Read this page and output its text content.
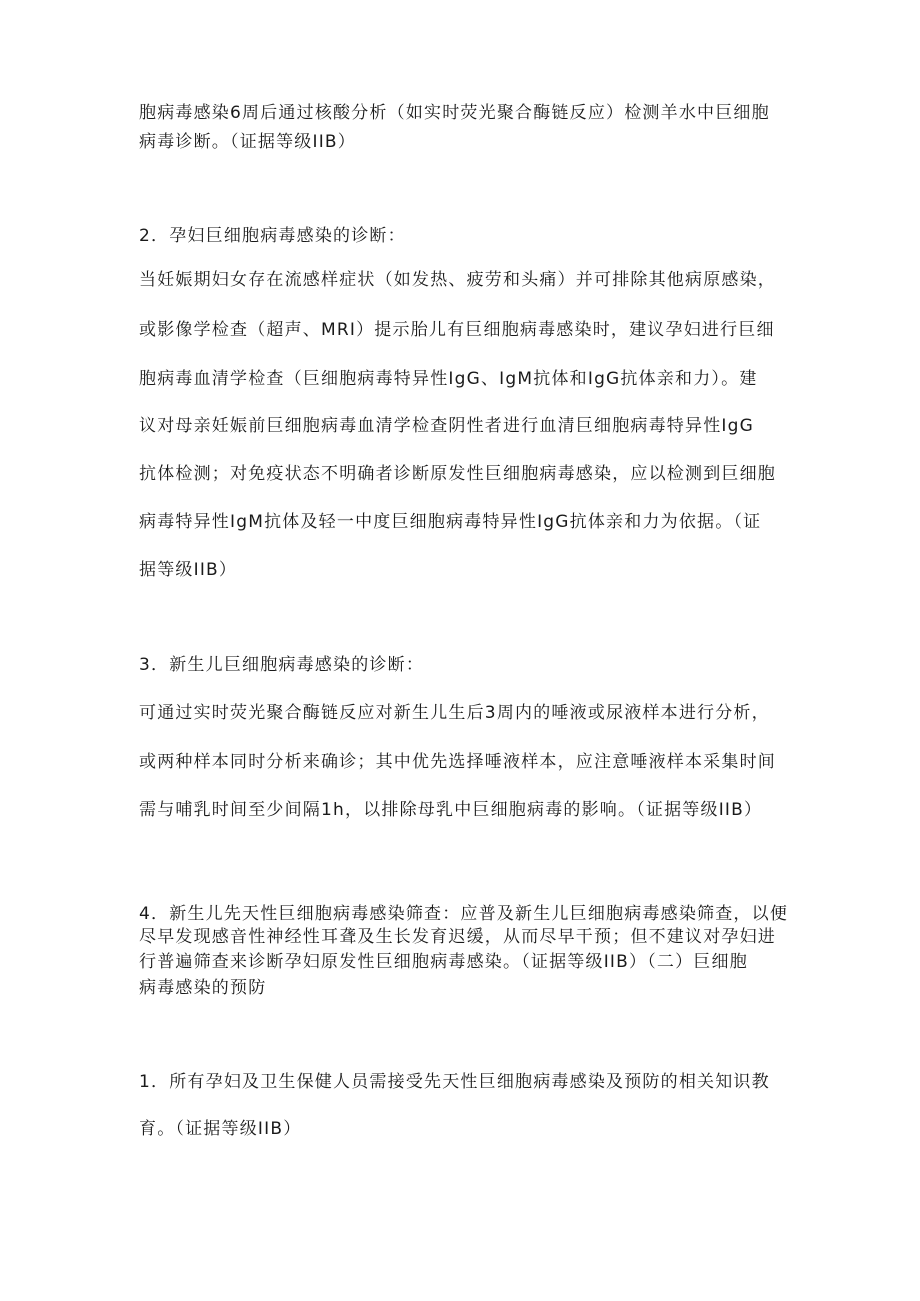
胞病毒感染6周后通过核酸分析（如实时荧光聚合酶链反应）检测羊水中巨细胞
病毒诊断。（证据等级IIB）
2．孕妇巨细胞病毒感染的诊断：
当妊娠期妇女存在流感样症状（如发热、疲劳和头痛）并可排除其他病原感染，
或影像学检查（超声、MRI）提示胎儿有巨细胞病毒感染时，建议孕妇进行巨细
胞病毒血清学检查（巨细胞病毒特异性IgG、IgM抗体和IgG抗体亲和力）。建
议对母亲妊娠前巨细胞病毒血清学检查阴性者进行血清巨细胞病毒特异性IgG
抗体检测；对免疫状态不明确者诊断原发性巨细胞病毒感染，应以检测到巨细胞
病毒特异性IgM抗体及轻一中度巨细胞病毒特异性IgG抗体亲和力为依据。（证
据等级IIB）
3．新生儿巨细胞病毒感染的诊断：
可通过实时荧光聚合酶链反应对新生儿生后3周内的唾液或尿液样本进行分析，
或两种样本同时分析来确诊；其中优先选择唾液样本，应注意唾液样本采集时间
需与哺乳时间至少间隔1h，以排除母乳中巨细胞病毒的影响。（证据等级IIB）
4．新生儿先天性巨细胞病毒感染筛查：应普及新生儿巨细胞病毒感染筛查，以便
尽早发现感音性神经性耳聋及生长发育迟缓，从而尽早干预；但不建议对孕妇进
行普遍筛查来诊断孕妇原发性巨细胞病毒感染。（证据等级IIB）（二）巨细胞
病毒感染的预防
1．所有孕妇及卫生保健人员需接受先天性巨细胞病毒感染及预防的相关知识教
育。（证据等级IIB）
